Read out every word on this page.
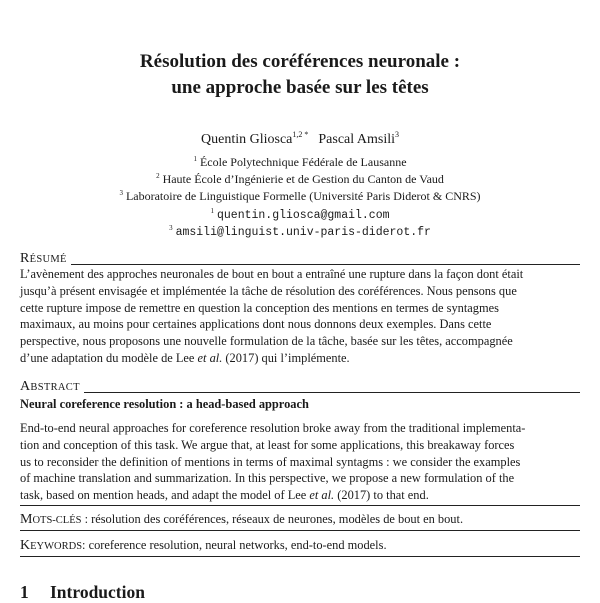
Résolution des coréférences neuronale :
une approche basée sur les têtes
Quentin Gliosca$^{1,2 *}$ Pascal Amsili$^3$
$^1$ École Polytechnique Fédérale de Lausanne
$^2$ Haute École d’Ingénierie et de Gestion du Canton de Vaud
$^3$ Laboratoire de Linguistique Formelle (Université Paris Diderot & CNRS)
$^1$ quentin.gliosca@gmail.com
$^3$ amsili@linguist.univ-paris-diderot.fr
RÉSUMÉ
L’avènement des approches neuronales de bout en bout a entraîné une rupture dans la façon dont était
jusqu’à présent envisagée et implémentée la tâche de résolution des coréférences. Nous pensons que
cette rupture impose de remettre en question la conception des mentions en termes de syntagmes
maximaux, au moins pour certaines applications dont nous donnons deux exemples. Dans cette
perspective, nous proposons une nouvelle formulation de la tâche, basée sur les têtes, accompagnée
d’une adaptation du modèle de Lee et al. (2017) qui l’implémente.
ABSTRACT
Neural coreference resolution : a head-based approach
End-to-end neural approaches for coreference resolution broke away from the traditional implementa-
tion and conception of this task. We argue that, at least for some applications, this breakaway forces
us to reconsider the definition of mentions in terms of maximal syntagms : we consider the examples
of machine translation and summarization. In this perspective, we propose a new formulation of the
task, based on mention heads, and adapt the model of Lee et al. (2017) to that end.
MOTS-CLÉS : résolution des coréférences, réseaux de neurones, modèles de bout en bout.
KEYWORDS: coreference resolution, neural networks, end-to-end models.
1 Introduction
